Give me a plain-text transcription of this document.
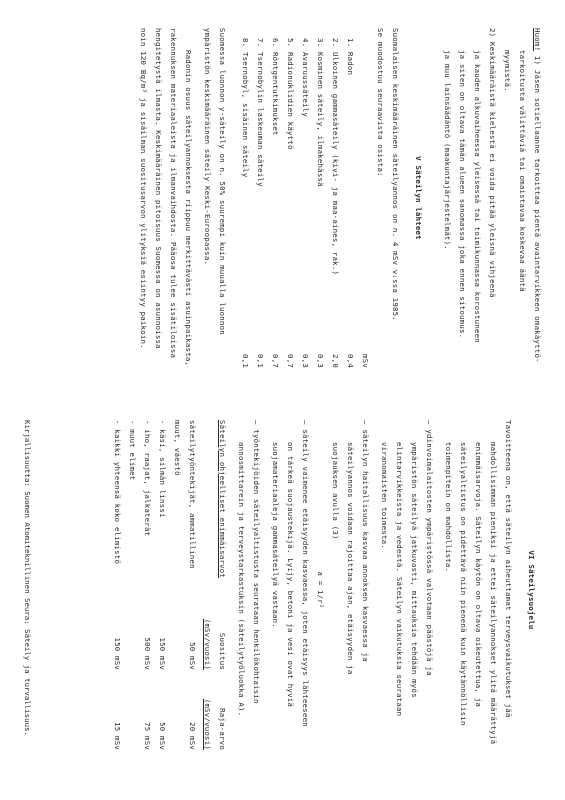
Huom! 1) Jäsen sotiellaanne tarkoittaa pientä avaintarvikkeen omakäyttö-
tarkoitusta välittäviä tai omaistavaa koskevaa ääntä
myymistä.
2) Keskimääräistä kielestä ei voida pitää yleisnä vihjeenä
ja kauden alkuvaiheessa yleisessä tai toimikunnassa korostuneen
ja siten on oltava tämän alueen sanomassa joka ennen sitoumus.
ja muu lainsäädäntö (maakuntajärjestelmät).
V Säteilyn lähteet
Suomalaisen keskimääräinen säteilyannos on n. 4 mSv v:ssa 1985.
Se muodostuu seuraavista osista:
mSv
1. Radon
0,4
2. Ulkoinen gammasäteily (kivi- ja maa-aines, rak.)
2,0
3. Kosminen säteily, ilmakehässä
0,3
4. Avaruussäteily
0,3
5. Radionuklidien käyttö
0,7
6. Röntgentutkimukset
0,7
7. Tsernobylin laskeuman säteily
0,1
8. Tsernobyl, sisäinen säteily
0,1
Suomessa luonnon y-säteily on n. 50% suurempi kuin muualla luonnon
ympäristön keskimääräinen säteily Keski-Euroopassa.
Radonin osuus säteilyannoksesta riippuu merkittävästi asuinpaikasta,
rakennuksen materiaaleista ja ilmanvaihdosta. Pääosa tulee sisätiloissa
hengitetystä ilmasta. Keskimääräinen pitoisuus Suomessa on asunnoissa
noin 120 Bq/m³ ja sisäilman suositusarvon ylityksiä esiintyy paikoin.
VI Säteilysuojelu
Tavoitteena on, että säteilyn aiheuttamat terveysvaikutukset jää
mahdollisimman pieniksi ja ettei säteilyannokset ylitä määrättyjä
enimmäisarvoja. Säteilyn käytön on oltava oikeutettua, ja
säteilyaltistus on pidettävä niin pienenä kuin käytännöllisin
toimenpitein on mahdollista.
– ydinvoimalaitosten ympäristössä valvotaan päästöjä ja
ympäristön säteilyä jatkuvasti, mittauksia tehdään myös
elintarvikkeista ja vedestä. Säteilyn vaikutuksia seurataan
viranomaisten toimesta.
– säteilyn haitallisuus kasvaa annoksen kasvaessa ja
säteilyannos voidaan rajoittaa ajan, etäisyyden ja
suojauksen avulla (3)
a = 1/r²
– säteily vaimenee etäisyyden kasvaessa, joten etäisyys lähteeseen
on tärkeä suojaustekijä. Lyijy, betoni ja vesi ovat hyviä
suojamateriaaleja gammasäteilyä vastaan.
– työntekijöiden säteilyaltistusta seurataan henkilökohtaisin
annosmittarein ja terveystarkastuksin (säteilytyöluokka A).
Säteilyn ohjeelliset enimmäisarvot
Suositus
Raja-arvo
(mSv/vuosi)
(mSv/vuosi)
säteilytyöntekijät, ammatillinen
50 mSv
20 mSv
muut, väestö
- käsi, silmän linssi
150 mSv
50 mSv
- iho, raajat, jalkaterät
500 mSv
75 mSv
- muut elimet
- kaikki yhteensä koko elimistö
150 mSv
15 mSv
Kirjallisuutta: Suomen Atomiteknillinen Seura: Säteily ja turvallisuus.
